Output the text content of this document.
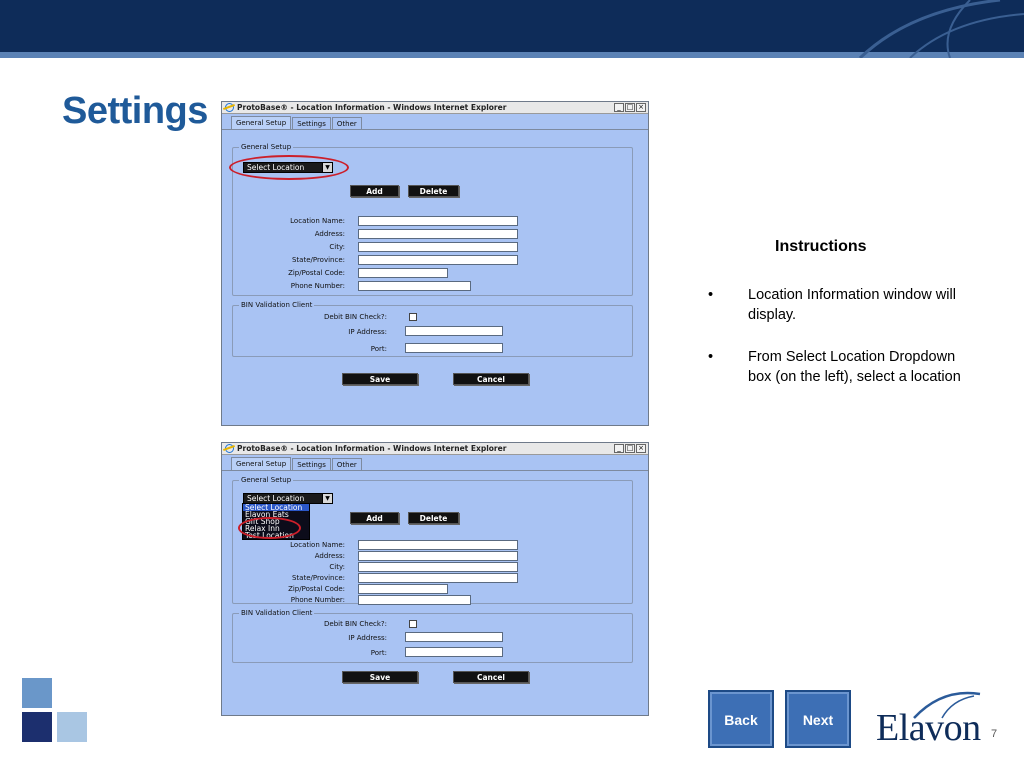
Settings	ProtoBase® - Location Information - Windows Internet Explorer	_ □ ×
General Setup	Settings	Other
General Setup
Select Location	▼
Add	Delete
Location Name:
Address:
City:
State/Province:
Zip/Postal Code:
Phone Number:
BIN Validation Client
Debit BIN Check?:
IP Address:
Port:
Save	Cancel
ProtoBase® - Location Information - Windows Internet Explorer	_ □ ×
General Setup	Settings	Other
General Setup
Select Location	▼
Add	Delete
Location Name:
Address:
City:
State/Province:
Zip/Postal Code:
Phone Number:
Select Location
Elavon Eats
Gift Shop
Relax Inn
Test Location
BIN Validation Client
Debit BIN Check?:
IP Address:
Port:
Save	Cancel
Instructions
• Location Information window will display.
• From Select Location Dropdown box (on the left), select a location
Back	Next	Elavon 7
